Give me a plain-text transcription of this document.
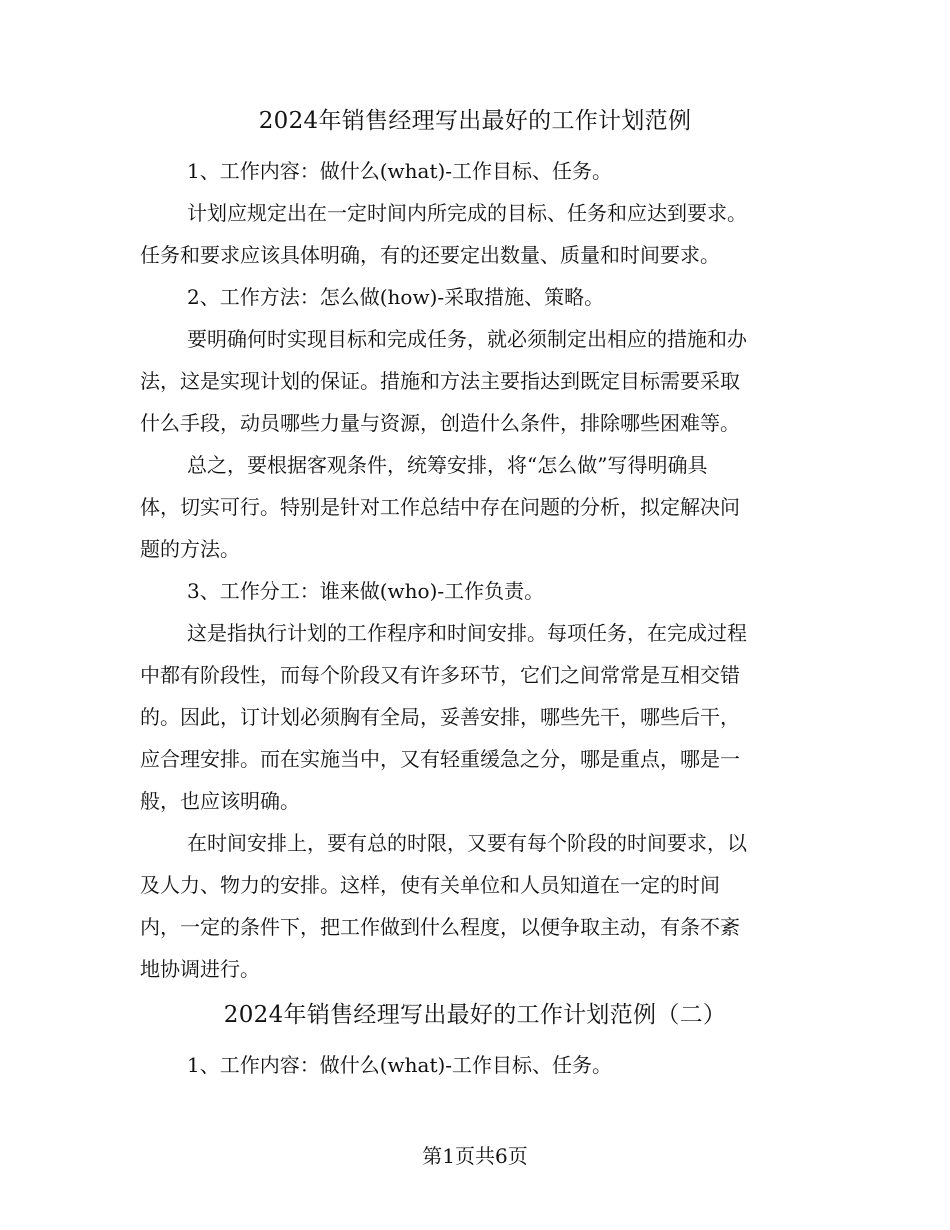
2024年销售经理写出最好的工作计划范例
1、工作内容：做什么(what)-工作目标、任务。
计划应规定出在一定时间内所完成的目标、任务和应达到要求。
任务和要求应该具体明确，有的还要定出数量、质量和时间要求。
2、工作方法：怎么做(how)-采取措施、策略。
要明确何时实现目标和完成任务，就必须制定出相应的措施和办
法，这是实现计划的保证。措施和方法主要指达到既定目标需要采取
什么手段，动员哪些力量与资源，创造什么条件，排除哪些困难等。
总之，要根据客观条件，统筹安排，将“怎么做”写得明确具
体，切实可行。特别是针对工作总结中存在问题的分析，拟定解决问
题的方法。
3、工作分工：谁来做(who)-工作负责。
这是指执行计划的工作程序和时间安排。每项任务，在完成过程
中都有阶段性，而每个阶段又有许多环节，它们之间常常是互相交错
的。因此，订计划必须胸有全局，妥善安排，哪些先干，哪些后干，
应合理安排。而在实施当中，又有轻重缓急之分，哪是重点，哪是一
般，也应该明确。
在时间安排上，要有总的时限，又要有每个阶段的时间要求，以
及人力、物力的安排。这样，使有关单位和人员知道在一定的时间
内，一定的条件下，把工作做到什么程度，以便争取主动，有条不紊
地协调进行。
2024年销售经理写出最好的工作计划范例（二）
1、工作内容：做什么(what)-工作目标、任务。
第1页共6页
